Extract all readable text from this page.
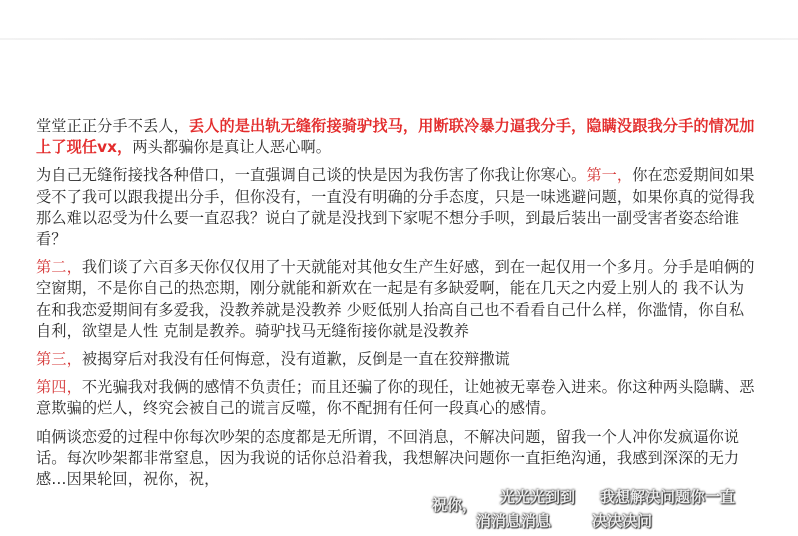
堂堂正正分手不丢人，丢人的是出轨无缝衔接骑驴找马，用断联冷暴力逼我分手，隐瞒没跟我分手的情况加上了现任vx，两头都骗你是真让人恶心啊。

为自己无缝衔接找各种借口，一直强调自己谈的快是因为我伤害了你我让你寒心。第一，你在恋爱期间如果受不了我可以跟我提出分手，但你没有，一直没有明确的分手态度，只是一味逃避问题，如果你真的觉得我那么难以忍受为什么要一直忍我？说白了就是没找到下家呢不想分手呗，到最后装出一副受害者姿态给谁看？

第二，我们谈了六百多天你仅仅用了十天就能对其他女生产生好感，到在一起仅用一个多月。分手是咱俩的空窗期，不是你自己的热恋期，刚分就能和新欢在一起是有多缺爱啊，能在几天之内爱上别人的 我不认为在和我恋爱期间有多爱我，没教养就是没教养 少贬低别人抬高自己也不看看自己什么样，你滥情，你自私自利，欲望是人性 克制是教养。骑驴找马无缝衔接你就是没教养

第三，被揭穿后对我没有任何悔意，没有道歉，反倒是一直在狡辩撒谎

第四，不光骗我对我俩的感情不负责任；而且还骗了你的现任，让她被无辜卷入进来。你这种两头隐瞒、恶意欺骗的烂人，终究会被自己的谎言反噬，你不配拥有任何一段真心的感情。

咱俩谈恋爱的过程中你每次吵架的态度都是无所谓，不回消息，不解决问题，留我一个人冲你发疯逼你说话。每次吵架都非常窒息，因为我说的话你总沿着我，我想解决问题你一直拒绝沟通，我感到深深的无力感…因果轮回，祝你，祝，

祝你， 光光光到到
消消息消息
我想解决问题你一直
决决决问
